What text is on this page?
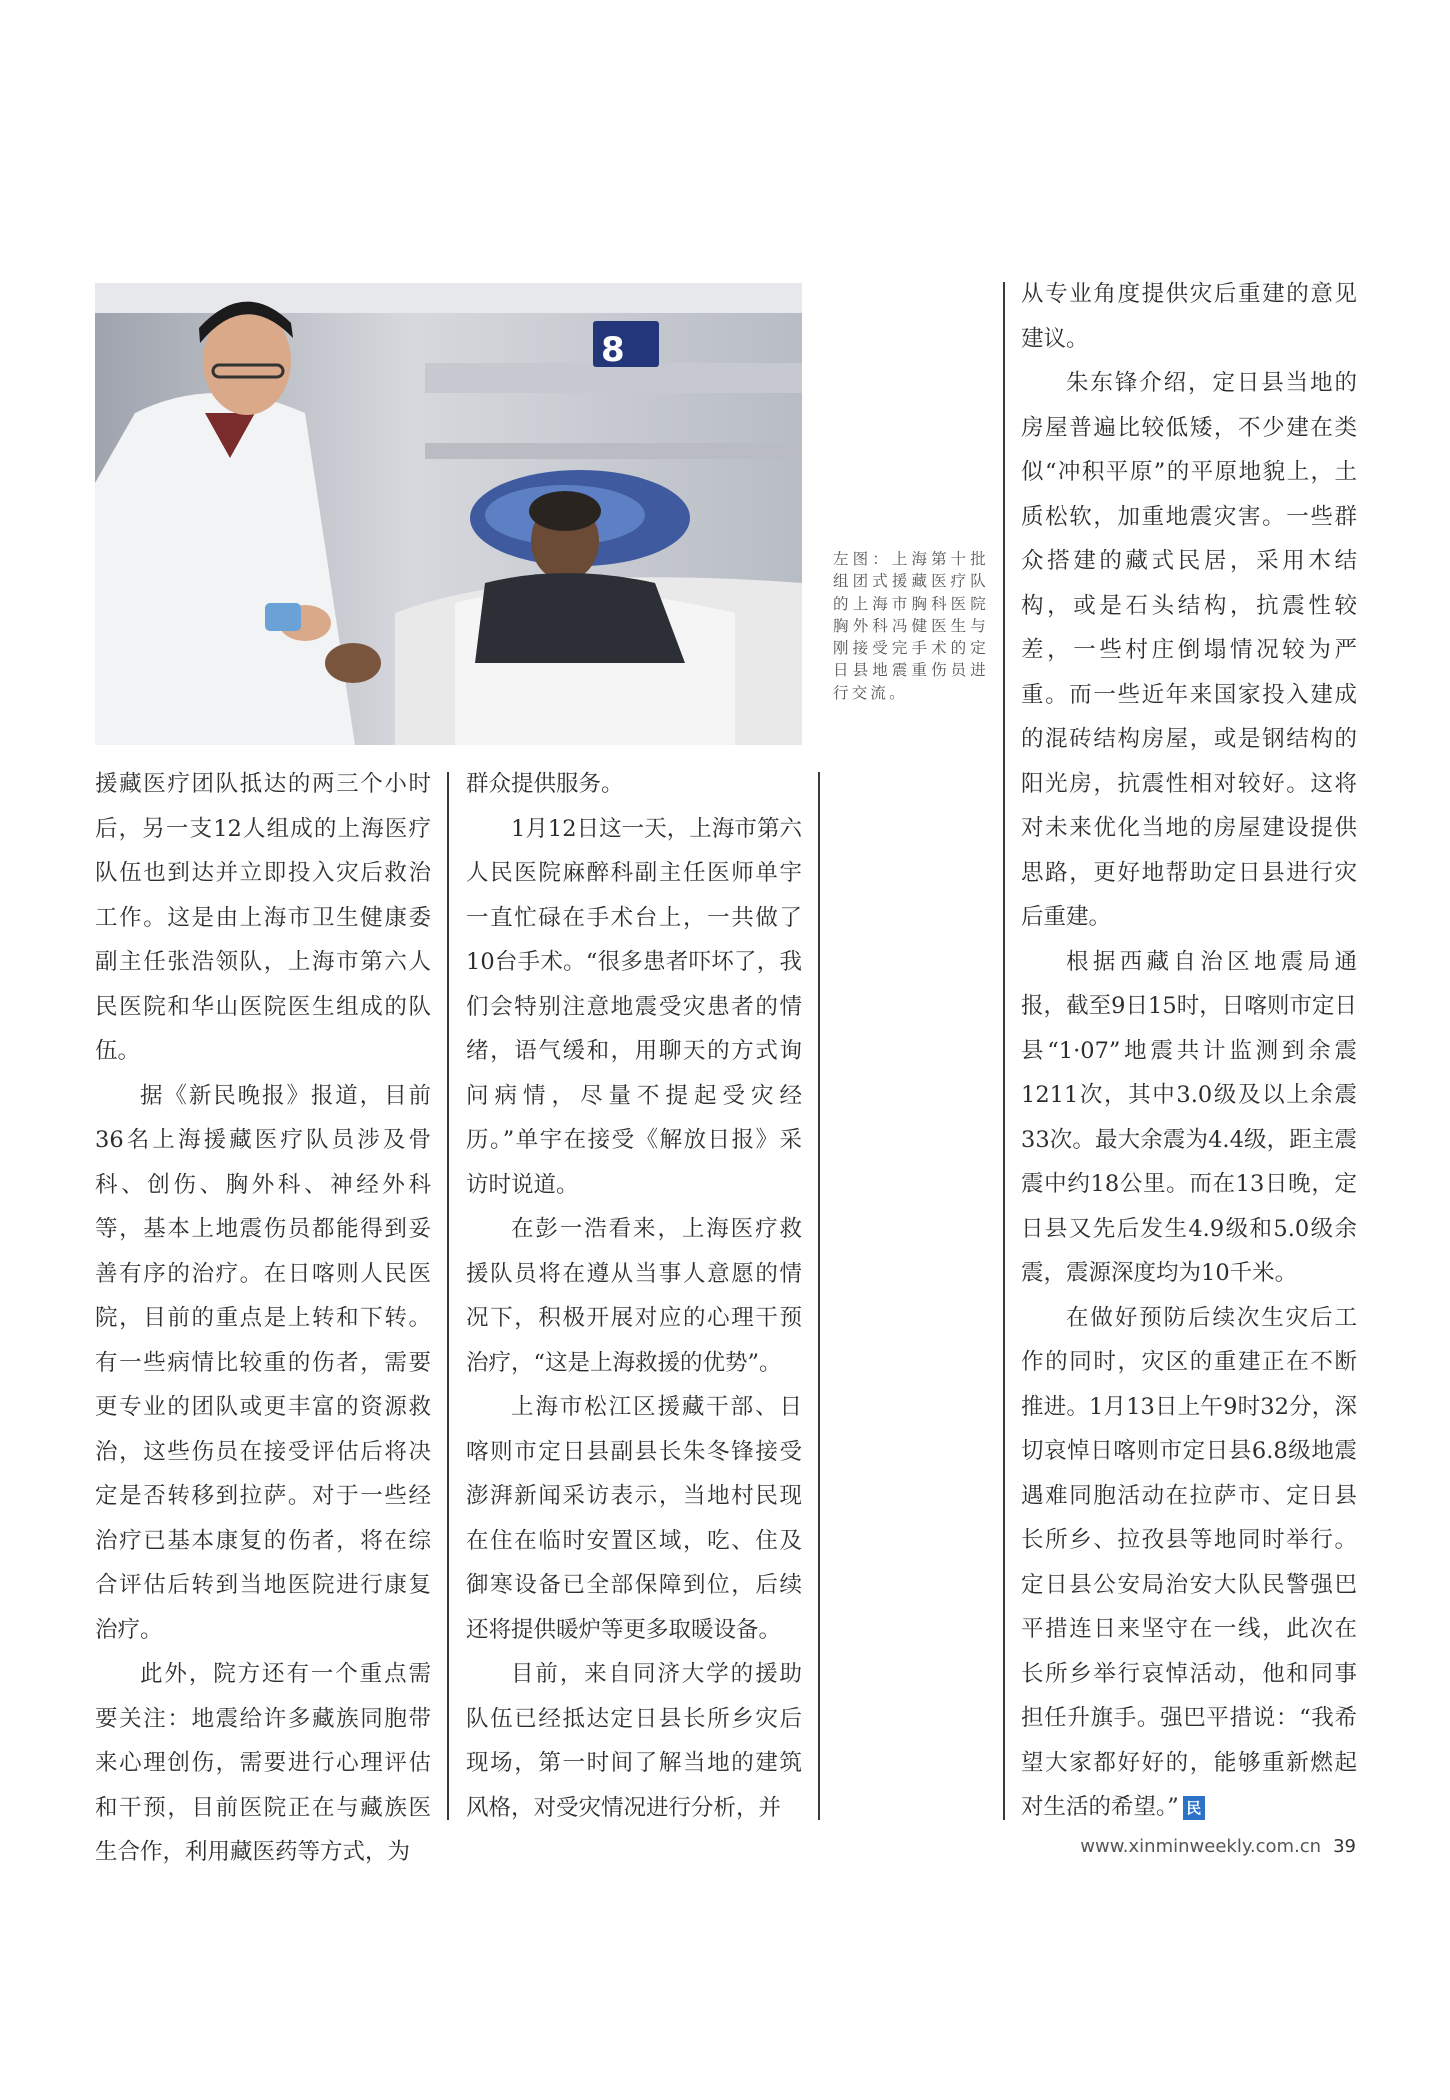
8

左图：上海第十批组团式援藏医疗队的上海市胸科医院胸外科冯健医生与刚接受完手术的定日县地震重伤员进行交流。

援藏医疗团队抵达的两三个小时后，另一支12人组成的上海医疗队伍也到达并立即投入灾后救治工作。这是由上海市卫生健康委副主任张浩领队，上海市第六人民医院和华山医院医生组成的队伍。

据《新民晚报》报道，目前36名上海援藏医疗队员涉及骨科、创伤、胸外科、神经外科等，基本上地震伤员都能得到妥善有序的治疗。在日喀则人民医院，目前的重点是上转和下转。有一些病情比较重的伤者，需要更专业的团队或更丰富的资源救治，这些伤员在接受评估后将决定是否转移到拉萨。对于一些经治疗已基本康复的伤者，将在综合评估后转到当地医院进行康复治疗。

此外，院方还有一个重点需要关注：地震给许多藏族同胞带来心理创伤，需要进行心理评估和干预，目前医院正在与藏族医生合作，利用藏医药等方式，为

群众提供服务。

1月12日这一天，上海市第六人民医院麻醉科副主任医师单宇一直忙碌在手术台上，一共做了10台手术。“很多患者吓坏了，我们会特别注意地震受灾患者的情绪，语气缓和，用聊天的方式询问病情，尽量不提起受灾经历。”单宇在接受《解放日报》采访时说道。

在彭一浩看来，上海医疗救援队员将在遵从当事人意愿的情况下，积极开展对应的心理干预治疗，“这是上海救援的优势”。

上海市松江区援藏干部、日喀则市定日县副县长朱冬锋接受澎湃新闻采访表示，当地村民现在住在临时安置区域，吃、住及御寒设备已全部保障到位，后续还将提供暖炉等更多取暖设备。

目前，来自同济大学的援助队伍已经抵达定日县长所乡灾后现场，第一时间了解当地的建筑风格，对受灾情况进行分析，并

从专业角度提供灾后重建的意见建议。

朱东锋介绍，定日县当地的房屋普遍比较低矮，不少建在类似“冲积平原”的平原地貌上，土质松软，加重地震灾害。一些群众搭建的藏式民居，采用木结构，或是石头结构，抗震性较差，一些村庄倒塌情况较为严重。而一些近年来国家投入建成的混砖结构房屋，或是钢结构的阳光房，抗震性相对较好。这将对未来优化当地的房屋建设提供思路，更好地帮助定日县进行灾后重建。

根据西藏自治区地震局通报，截至9日15时，日喀则市定日县“1·07”地震共计监测到余震1211次，其中3.0级及以上余震33次。最大余震为4.4级，距主震震中约18公里。而在13日晚，定日县又先后发生4.9级和5.0级余震，震源深度均为10千米。

在做好预防后续次生灾后工作的同时，灾区的重建正在不断推进。1月13日上午9时32分，深切哀悼日喀则市定日县6.8级地震遇难同胞活动在拉萨市、定日县长所乡、拉孜县等地同时举行。定日县公安局治安大队民警强巴平措连日来坚守在一线，此次在长所乡举行哀悼活动，他和同事担任升旗手。强巴平措说：“我希望大家都好好的，能够重新燃起对生活的希望。” 民

www.xinminweekly.com.cn 39
